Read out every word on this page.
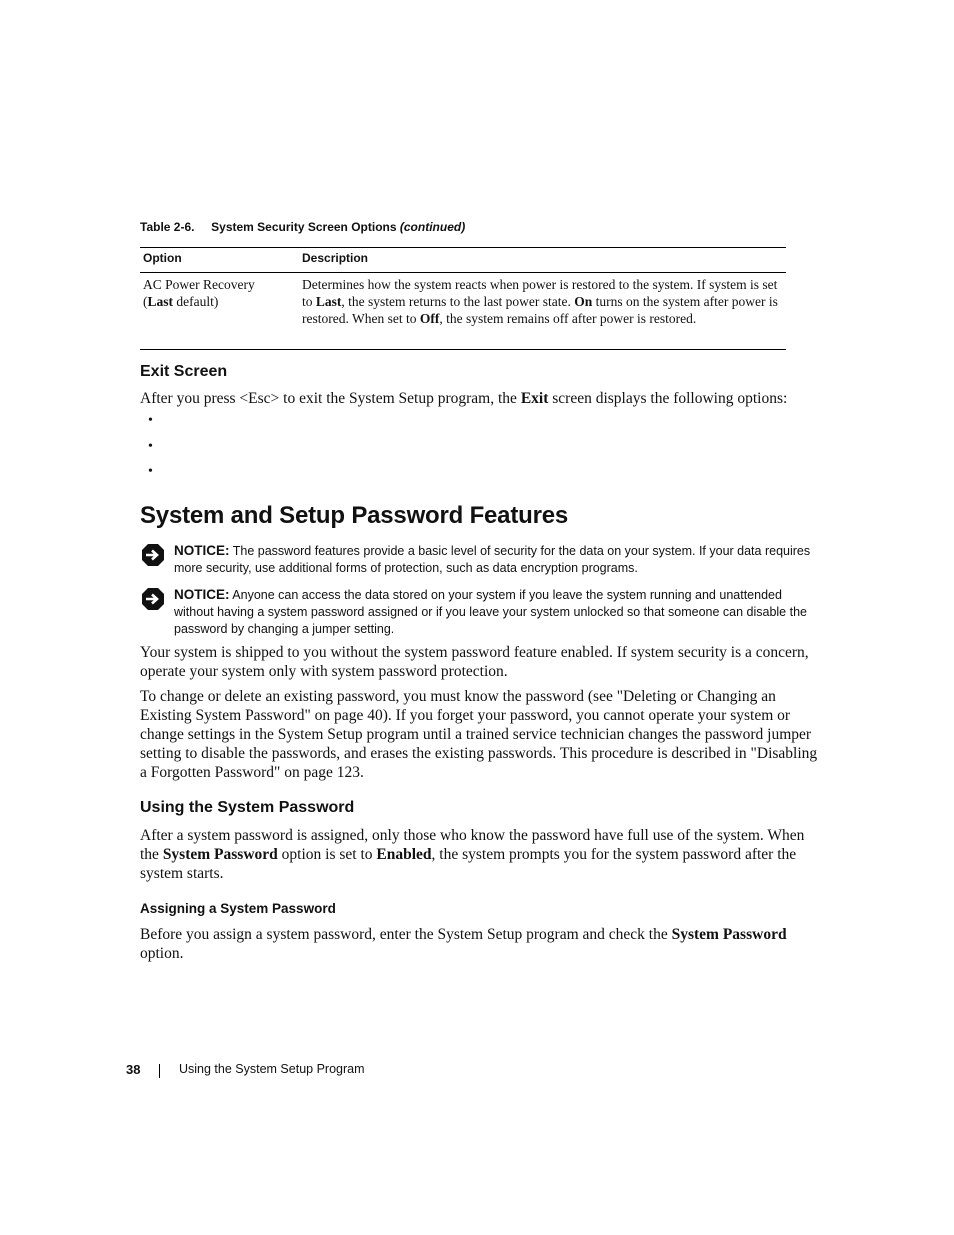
Table 2-6. System Security Screen Options (continued)
Option	Description
AC Power Recovery
(Last default)
Determines how the system reacts when power is restored to the system. If system is set to Last, the system returns to the last power state. On turns on the system after power is restored. When set to Off, the system remains off after power is restored.
Exit Screen
After you press <Esc> to exit the System Setup program, the Exit screen displays the following options:
•
•
•
System and Setup Password Features
NOTICE: The password features provide a basic level of security for the data on your system. If your data requires more security, use additional forms of protection, such as data encryption programs.
NOTICE: Anyone can access the data stored on your system if you leave the system running and unattended without having a system password assigned or if you leave your system unlocked so that someone can disable the password by changing a jumper setting.
Your system is shipped to you without the system password feature enabled. If system security is a concern, operate your system only with system password protection.
To change or delete an existing password, you must know the password (see "Deleting or Changing an Existing System Password" on page 40). If you forget your password, you cannot operate your system or change settings in the System Setup program until a trained service technician changes the password jumper setting to disable the passwords, and erases the existing passwords. This procedure is described in "Disabling a Forgotten Password" on page 123.
Using the System Password
After a system password is assigned, only those who know the password have full use of the system. When the System Password option is set to Enabled, the system prompts you for the system password after the system starts.
Assigning a System Password
Before you assign a system password, enter the System Setup program and check the System Password option.
38	Using the System Setup Program
